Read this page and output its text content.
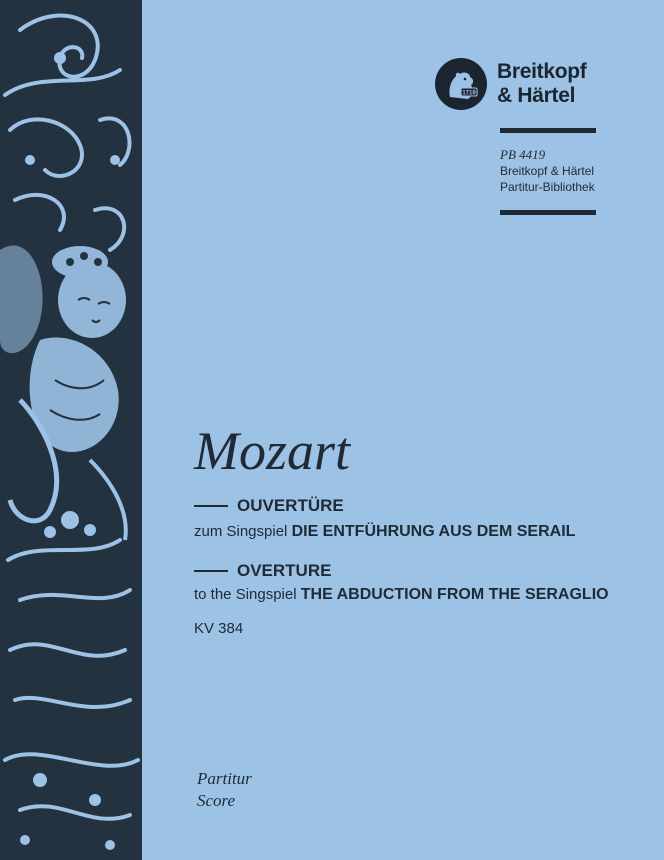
1719
Breitkopf
& Härtel
PB 4419
Breitkopf & Härtel
Partitur-Bibliothek
Mozart
OUVERTÜRE
zum Singspiel DIE ENTFÜHRUNG AUS DEM SERAIL
OVERTURE
to the Singspiel THE ABDUCTION FROM THE SERAGLIO
KV 384
Partitur
Score
